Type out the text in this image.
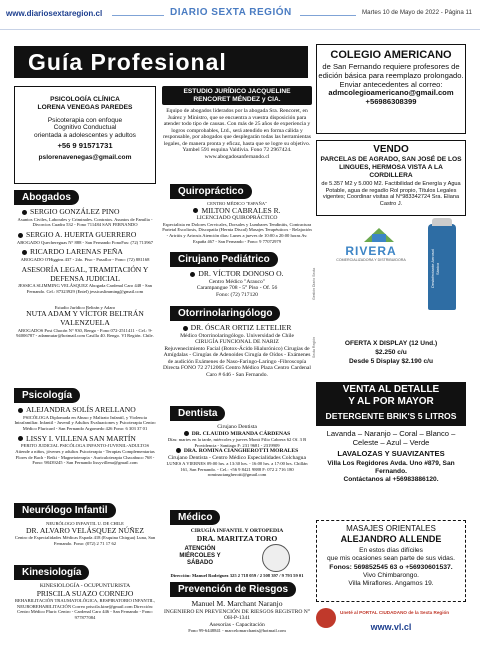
www.diariosextaregion.cl	DIARIO SEXTA REGIÓN	Martes 10 de Mayo de 2022 - Página 11
Guía Profesional
PSICOLOGÍA CLÍNICA
LORENA VENEGAS PAREDES
Psicoterapia con enfoque
Cognitivo Conductual
orientada a adolescentes y adultos
+56 9 91571731
pslorenavenegas@gmail.com
Abogados
SERGIO GONZÁLEZ PINO
Asuntos Civiles, Laborales y Criminales. Contratos. Asuntos de Familia - Divorcios Cuadra 532 - Fono 711484 SAN FERNANDO
SERGIO A. HUERTA GUERRERO
ABOGADO Quechereguas N° 888 - San Fernando FonoFax: (72) 713967
RICARDO LARENAS PEÑA
ABOGADO O'Higgins 437 - 2do. Piso - Pasaflor - Fono: (72) 881168
ASESORÍA LEGAL, TRAMITACIÓN Y DEFENSA JUDICIAL
JESSICA SLIMMING VELÁSQUEZ Abogada Cardenal Caro 448 - San Fernando. Cel.: 87323929 (Entel) jessicaslimming@gmail.com
Estudio Jurídico Beltrán y Adaro
NUTA ADAM Y VÍCTOR BELTRÁN VALENZUELA
ABOGADOS Post Chacón N° 930, Rengo - Fono 072-2511411 - Cel.: 9-94006787 - adamnutar@hotmail.com Casilla 40. Rengo. VI Región. Chile.
Psicología
ALEJANDRA SOLÍS ARELLANO
PSICÓLOGA Diplomada en Abuso y Maltrato Infantil, y Violencia Intrafamiliar. Infantil - Juvenil y Adultos Evaluaciones y Psicoterapia Centro Médico Pluricard - San Fernando Argomedo 426 Fono: 6 303 37 01
LISSY I. VILLENA SAN MARTÍN
PERITO JUDICIAL PSICÓLOGA INFANTO-JUVENIL-ADULTOS Atiende a niños, jóvenes y adultos Psicoterapia - Terapias Complementarias Flores de Bach - Reiki - Magnetoterapia - Auriculoterapia Chacabuco 768 - Fono: 98439245 - San Fernando lissyvillena@gmail.com
Neurólogo Infantil
NEURÓLOGO INFANTIL U. DE CHILE
DR. ALVARO VELÁSQUEZ NÚÑEZ
Centro de Especialidades Médicas Espada 418 (Esquina Chirgua) Luna, San Fernando. Fono: (072) 2 71 17 62
Kinesiología
KINESIOLOGÍA - OCUPUNTURISTA
PRISCILA SUAZO CORNEJO
REHABILITACIÓN TRAUMATOLÓGICA, RESPIRATORIO INFANTIL, NEUROREHABILITACIÓN Correo priscila.kine@gmail.com Dirección: Centro Médico Pluric Centro - Cardenal Caro 446 - San Fernando - Fono: 977877084
ESTUDIO JURÍDICO JACQUELINE RENCORET MÉNDEZ y CIA.
Equipo de abogados liderados por la abogada Sra. Rencoret, en Juárez y Ministro, que se encuentra a vuestra disposición para atender todo tipo de causas. Con más de 25 años de experiencia y logros comprobables, Ltd., será atendido en forma cálida y responsable, por abogados que desplegarán todas las herramientas legales, de manera pronta y eficaz, hasta que se logre su objetivo.
Yambel 591 esquina Valdivia. Fono 72 2967424.
www.abogadosanfernando.cl
Quiropráctico
CENTRO MÉDICO "ESPAÑA"
MILTON CABRALES R.
LICENCIADO QUIROPRÁCTICO
Especialista en Dolores Cervicales, Dorsales y Lumbares Tendinitis, Contractura Parietal Escoliosis, Discopatía (Hernia Discal) Masajes Terapéuticos - Relajación - Artritis y Artrosis Atención días: Lunes a jueves de 10:00 a 20:00 horas Av. España 467 - San Fernando - Fono: 9 77072979
Cirujano Pediátrico
DR. VÍCTOR DONOSO O.
Centro Médico "Arauco"
Carampangue 708 - 5° Piso - Of. 56
Fono: (72) 717120
Otorrinolaringólogo
DR. ÓSCAR ORTIZ LETELIER
Médico Otorrinolaringólogo. Universidad de Chile
CIRUGÍA FUNCIONAL DE NARIZ
Rejuvenecimiento Facial (Botox-Ácido Hialurónico) Cirugías de Amígdalas - Cirugías de Adenoides Cirugía de Oídos - Exámenes de audición Exámenes de Naso-Faringo-Laringo -Fibroscopía Directa FONO 72 2712065 Centro Médico Plaza Centro Cardenal Caro # 646 - San Fernando.
Dentista
Cirujano Dentista
DR. CLAUDIO MIRANDA CÁRDENAS
Días: martes en la tarde, miércoles y jueves Montt Filio Cabrera 62 Of. 3 B Providencia - Santiago F: 231 9681 - 2319909
DRA. ROMINA CIANGHEROTTI MORALES
Cirujano Dentista - Centro Médico Especialidades Colchagua
LUNES A VIERNES 09:00 hrs. a 13:30 hrs. - 16:00 hrs. a 17:00 hrs. Chillán 161, San Fernando. - Cel.: +56 9 8421 9888 F: 072 2 716 180 rominaciangherotti@gmail.com
Médico
CIRUGÍA INFANTIL Y ORTOPEDIA
DRA. MARITZA TORO
ATENCIÓN MIÉRCOLES Y SÁBADO
Dirección: Manuel Rodríguez 325 2 718 059 / 2 508 397 / 9 793 59 01
Prevención de Riesgos
Manuel M. Marchant Naranjo
INGENIERO EN PREVENCIÓN DE RIESGOS REGISTRO N° OH-P-1341
Asesorías - Capacitación
Fono 99-6448841 - marcelomarchants@hotmail.com
Gestión Diario Sexta
Sexta Región
COLEGIO AMERICANO
de San Fernando requiere profesores de edición básica para reemplazo prolongado. Enviar antecedentes al correo:
admcolegioamericano@gmail.com
+56986308399
VENDO
PARCELAS DE AGRADO, SAN JOSÉ DE LOS LINGUES, HERMOSA VISTA A LA CORDILLERA
de 5.357 M2 y 5.000 M2. Factibilidad de Energía y Agua Potable, agua de regadío Rol propio, Títulos Legales vigentes; Coordinar visitas al N°983342724 Sra. Eliana Castro J.
RIVERA
COMERCIALIZADORA Y DISTRIBUIDORA	Desinfectante Aerosol Sánico
OFERTA X DISPLAY (12 Und.)
$2.250 c/u
Desde 5 Display $2.190 c/u
VENTA AL DETALLE
Y AL POR MAYOR
DETERGENTE BRIK'S 5 LITROS
Lavanda – Naranjo – Coral – Blanco – Celeste – Azul – Verde
LAVALOZAS Y SUAVIZANTES
Villa Los Regidores Avda. Uno #879, San Fernando.
Contáctanos al +56983886120.
MASAJES ORIENTALES
ALEJANDRO ALLENDE
En estos días difíciles
que mis ocasiones sean parte de sus vidas.
Fonos: 569852545 63 o +56930601537.
Vivo Chimbarongo.
Villa Miraflores. Angamos 19.
Uneté al PORTAL CIUDADANO de la Sexta Región
www.vl.cl
